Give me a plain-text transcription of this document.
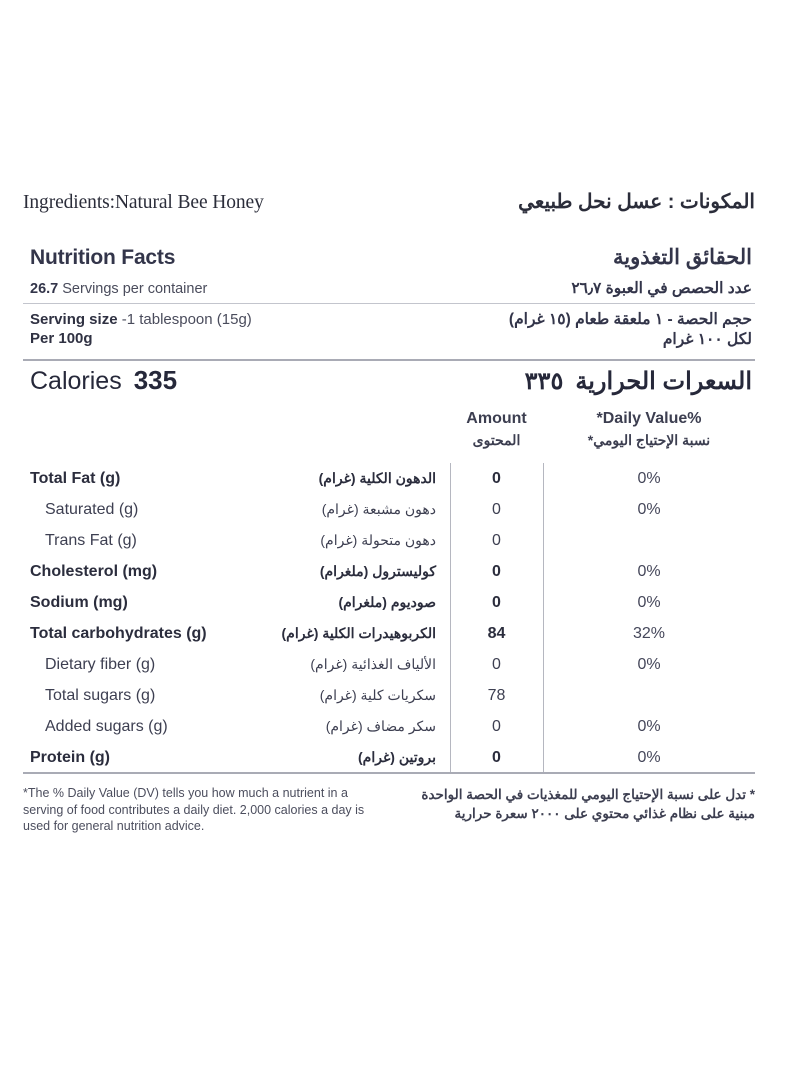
Ingredients:Natural Bee Honey	المكونات : عسل نحل طبيعي
Nutrition Facts	الحقائق التغذوية
26.7 Servings per container	عدد الحصص في العبوة ٢٦٫٧
Serving size -1 tablespoon (15g)
Per 100g
حجم الحصة - ١ ملعقة طعام (١٥ غرام)
لكل ١٠٠ غرام
Calories 335	السعرات الحرارية٣٣٥
Amount	*Daily Value%
المحتوى	نسبة الإحتياج اليومي*
Total Fat (g)	الدهون الكلية (غرام)	0	0%
Saturated (g)	دهون مشبعة (غرام)	0	0%
Trans Fat (g)	دهون متحولة (غرام)	0
Cholesterol (mg)	كوليسترول (ملغرام)	0	0%
Sodium (mg)	صوديوم (ملغرام)	0	0%
Total carbohydrates (g)	الكربوهيدرات الكلية (غرام)	84	32%
Dietary fiber (g)	الألياف الغذائية (غرام)	0	0%
Total sugars (g)	سكريات كلية (غرام)	78
Added sugars (g)	سكر مضاف (غرام)	0	0%
Protein (g)	بروتين (غرام)	0	0%
*The % Daily Value (DV) tells you how much a nutrient in a serving of food contributes a daily diet. 2,000 calories a day is used for general nutrition advice.
* تدل على نسبة الإحتياج اليومي للمغذيات في الحصة الواحدة مبنية على نظام غذائي محتوي على ٢٠٠٠ سعرة حرارية
